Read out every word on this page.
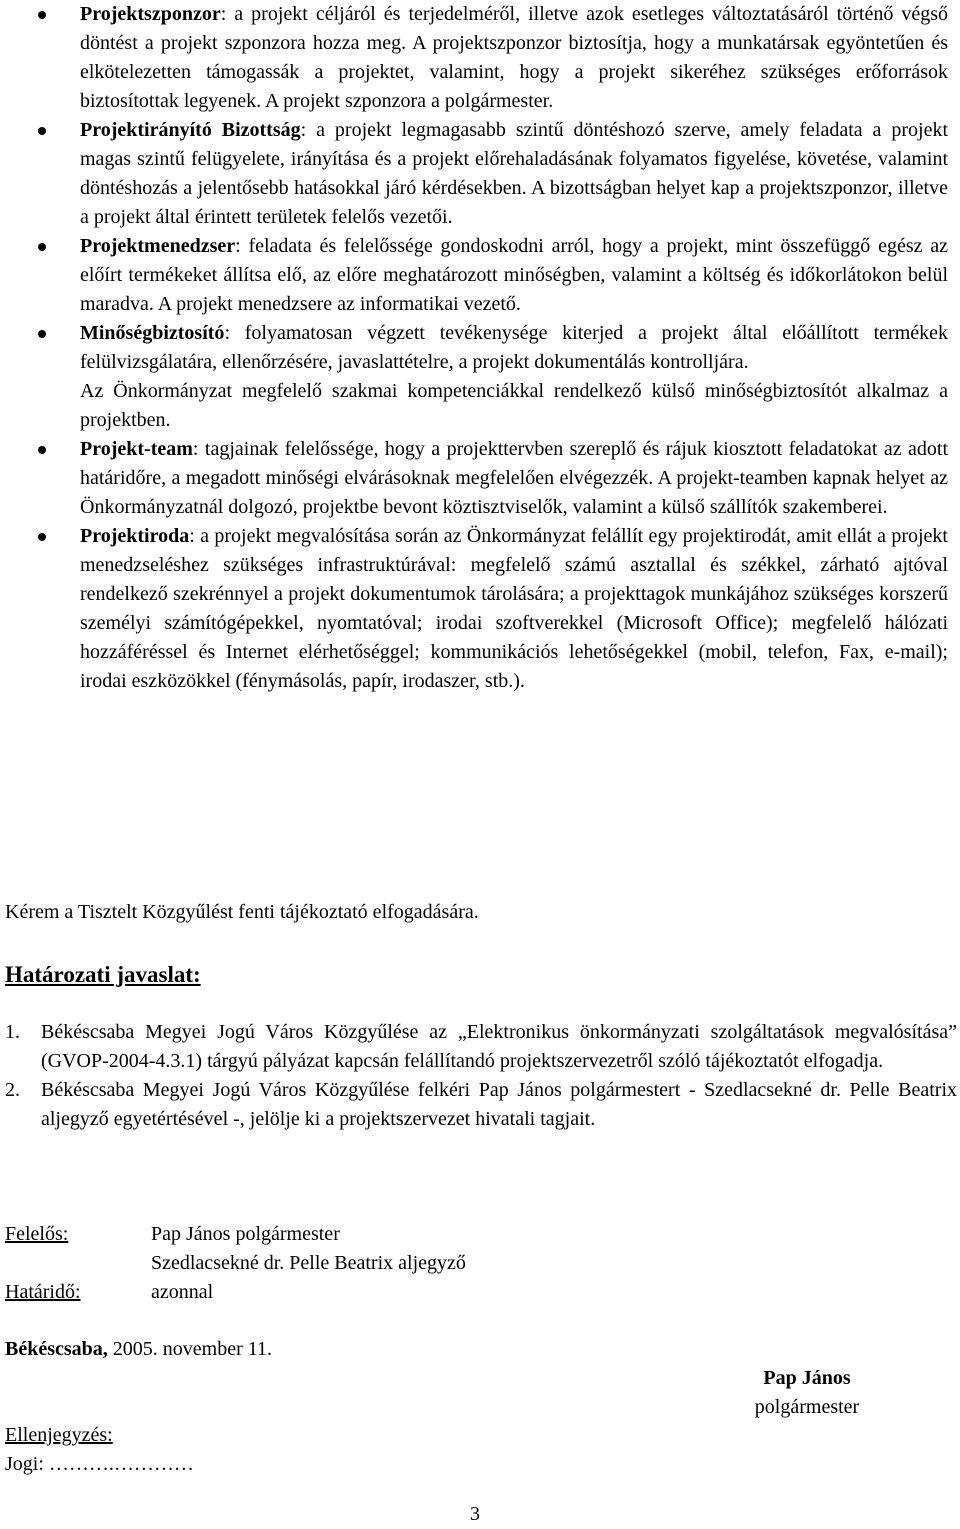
Projektszponzor: a projekt céljáról és terjedelméről, illetve azok esetleges változtatásáról történő végső döntést a projekt szponzora hozza meg. A projektszponzor biztosítja, hogy a munkatársak egyöntetűen és elkötelezetten támogassák a projektet, valamint, hogy a projekt sikeréhez szükséges erőforrások biztosítottak legyenek. A projekt szponzora a polgármester.

Projektirányító Bizottság: a projekt legmagasabb szintű döntéshozó szerve, amely feladata a projekt magas szintű felügyelete, irányítása és a projekt előrehaladásának folyamatos figyelése, követése, valamint döntéshozás a jelentősebb hatásokkal járó kérdésekben. A bizottságban helyet kap a projektszponzor, illetve a projekt által érintett területek felelős vezetői.

Projektmenedzser: feladata és felelőssége gondoskodni arról, hogy a projekt, mint összefüggő egész az előírt termékeket állítsa elő, az előre meghatározott minőségben, valamint a költség és időkorlátokon belül maradva. A projekt menedzsere az informatikai vezető.

Minőségbiztosító: folyamatosan végzett tevékenysége kiterjed a projekt által előállított termékek felülvizsgálatára, ellenőrzésére, javaslattételre, a projekt dokumentálás kontrolljára.

Az Önkormányzat megfelelő szakmai kompetenciákkal rendelkező külső minőségbiztosítót alkalmaz a projektben.

Projekt-team: tagjainak felelőssége, hogy a projekttervben szereplő és rájuk kiosztott feladatokat az adott határidőre, a megadott minőségi elvárásoknak megfelelően elvégezzék. A projekt-teamben kapnak helyet az Önkormányzatnál dolgozó, projektbe bevont köztisztviselők, valamint a külső szállítók szakemberei.

Projektiroda: a projekt megvalósítása során az Önkormányzat felállít egy projektirodát, amit ellát a projekt menedzseléshez szükséges infrastruktúrával: megfelelő számú asztallal és székkel, zárható ajtóval rendelkező szekrénnyel a projekt dokumentumok tárolására; a projekttagok munkájához szükséges korszerű személyi számítógépekkel, nyomtatóval; irodai szoftverekkel (Microsoft Office); megfelelő hálózati hozzáféréssel és Internet elérhetőséggel; kommunikációs lehetőségekkel (mobil, telefon, Fax, e-mail); irodai eszközökkel (fénymásolás, papír, irodaszer, stb.).

Kérem a Tisztelt Közgyűlést fenti tájékoztató elfogadására.
Határozati javaslat:
1. Békéscsaba Megyei Jogú Város Közgyűlése az „Elektronikus önkormányzati szolgáltatások megvalósítása” (GVOP-2004-4.3.1) tárgyú pályázat kapcsán felállítandó projektszervezetről szóló tájékoztatót elfogadja.
2. Békéscsaba Megyei Jogú Város Közgyűlése felkéri Pap János polgármestert - Szedlacsekné dr. Pelle Beatrix aljegyző egyetértésével -, jelölje ki a projektszervezet hivatali tagjait.
Felelős:	Pap János polgármester
Szedlacsekné dr. Pelle Beatrix aljegyző
Határidő:	azonnal
Békéscsaba, 2005. november 11.
Pap János
polgármester
Ellenjegyzés:
Jogi: ……….…………
3
